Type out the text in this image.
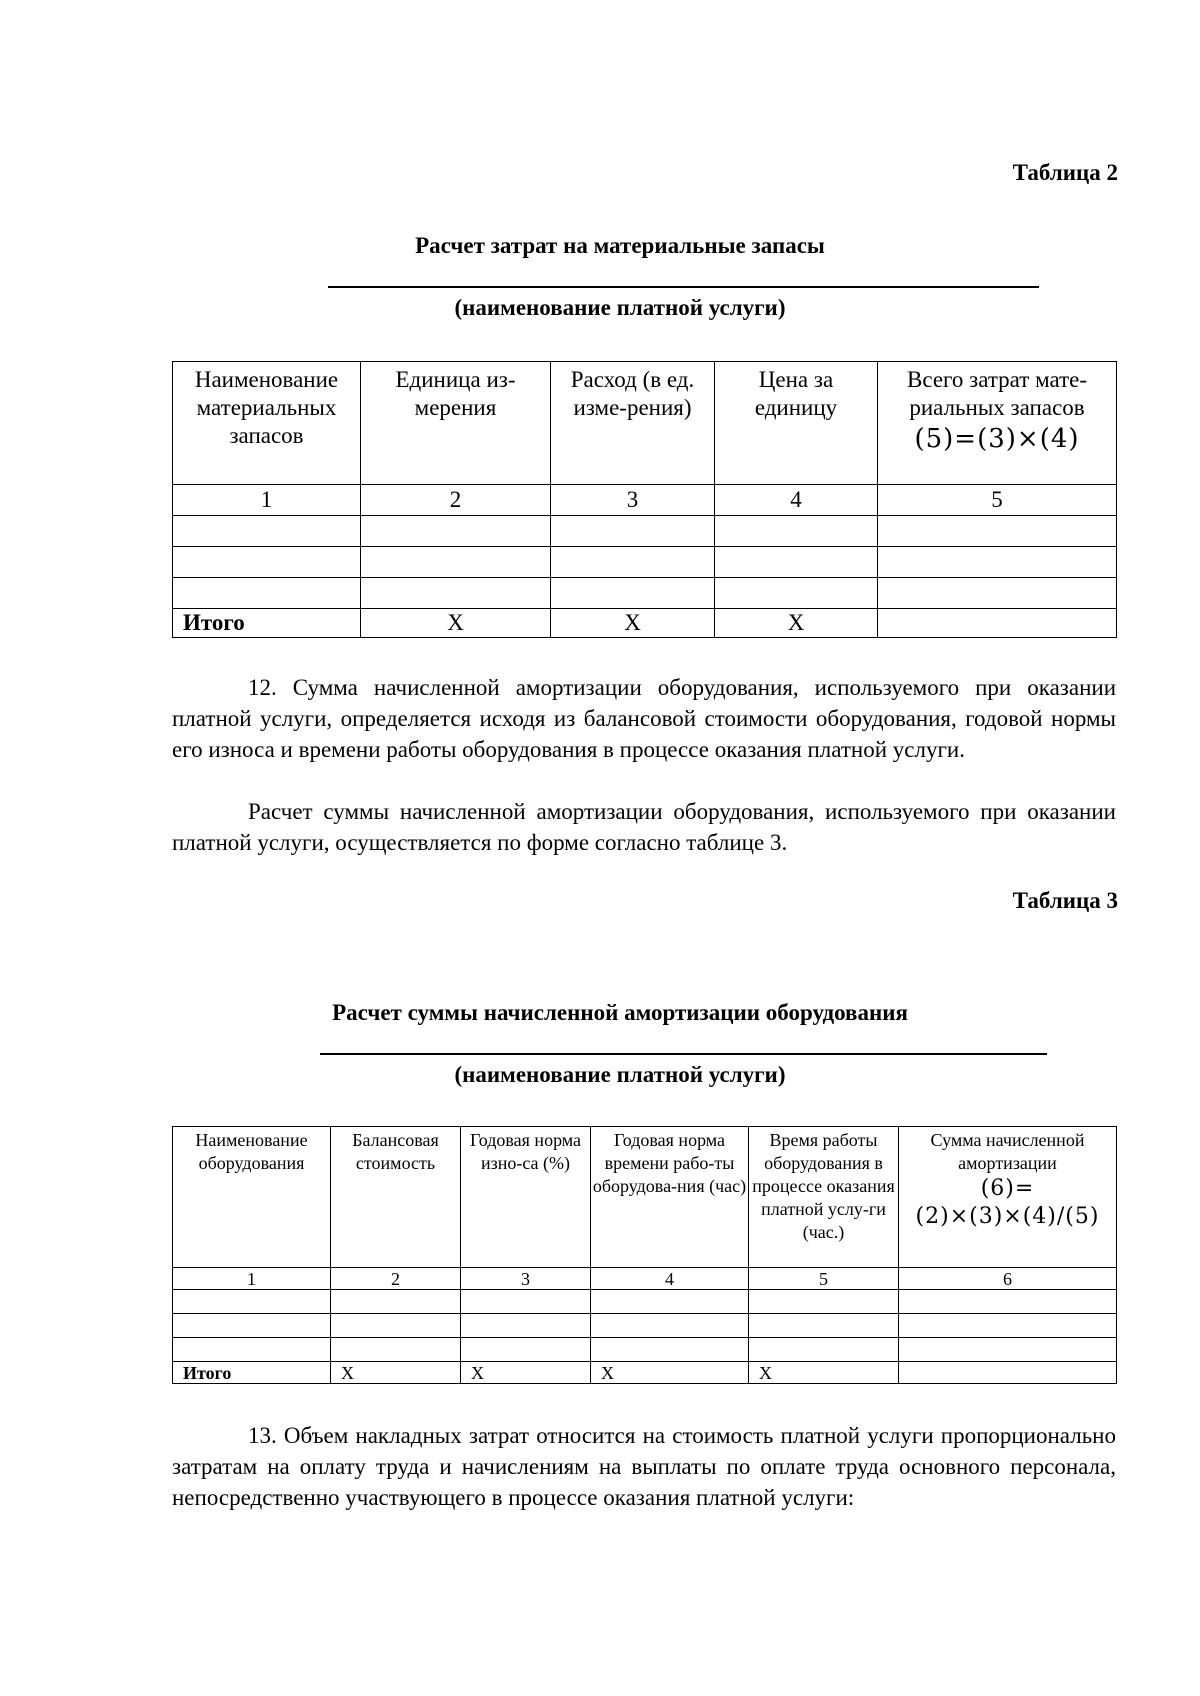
Таблица 2
Расчет затрат на материальные запасы
(наименование платной услуги)
Наименование материальных запасов	Единица из-мерения	Расход (в ед. изме-рения)	Цена за единицу	Всего затрат мате-риальных запасов
(5)=(3)×(4)

1	2	3	4	5

Итого	X	X	X	

12. Сумма начисленной амортизации оборудования, используемого при оказании платной услуги, определяется исходя из балансовой стоимости оборудования, годовой нормы его износа и времени работы оборудования в процессе оказания платной услуги.

Расчет суммы начисленной амортизации оборудования, используемого при оказании платной услуги, осуществляется по форме согласно таблице 3.

Таблица 3
Расчет суммы начисленной амортизации оборудования
(наименование платной услуги)
Наименование оборудования	Балансовая стоимость	Годовая норма изно-са (%)	Годовая норма времени рабо-ты оборудова-ния (час)	Время работы оборудования в процессе оказания платной услу-ги (час.)	Сумма начисленной амортизации
(6)=(2)×(3)×(4)/(5)

1	2	3	4	5	6

Итого	X	X	X	X	

13. Объем накладных затрат относится на стоимость платной услуги пропорционально затратам на оплату труда и начислениям на выплаты по оплате труда основного персонала, непосредственно участвующего в процессе оказания платной услуги:
